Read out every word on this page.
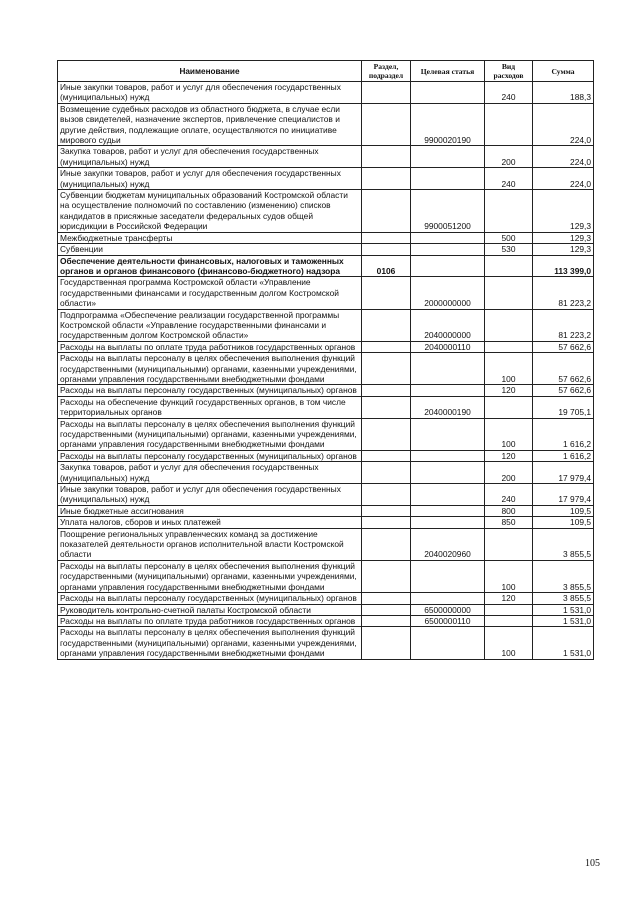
Наименование	Раздел, подраздел	Целевая статья	Вид расходов	Сумма
Иные закупки товаров, работ и услуг для обеспечения государственных (муниципальных) нужд			240	188,3
Возмещение судебных расходов из областного бюджета, в случае если вызов свидетелей, назначение экспертов, привлечение специалистов и другие действия, подлежащие оплате, осуществляются по инициативе мирового судьи		9900020190		224,0
Закупка товаров, работ и услуг для обеспечения государственных (муниципальных) нужд			200	224,0
Иные закупки товаров, работ и услуг для обеспечения государственных (муниципальных) нужд			240	224,0
Субвенции бюджетам муниципальных образований Костромской области на осуществление полномочий по составлению (изменению) списков кандидатов в присяжные заседатели федеральных судов общей юрисдикции в Российской Федерации		9900051200		129,3
Межбюджетные трансферты			500	129,3
Субвенции			530	129,3
Обеспечение деятельности финансовых, налоговых и таможенных органов и органов финансового (финансово-бюджетного) надзора	0106			113 399,0
Государственная программа Костромской области «Управление государственными финансами и государственным долгом Костромской области»		2000000000		81 223,2
Подпрограмма «Обеспечение реализации государственной программы Костромской области «Управление государственными финансами и государственным долгом Костромской области»		2040000000		81 223,2
Расходы на выплаты по оплате труда работников государственных органов		2040000110		57 662,6
Расходы на выплаты персоналу в целях обеспечения выполнения функций государственными (муниципальными) органами, казенными учреждениями, органами управления государственными внебюджетными фондами			100	57 662,6
Расходы на выплаты персоналу государственных (муниципальных) органов			120	57 662,6
Расходы на обеспечение функций государственных органов, в том числе территориальных органов		2040000190		19 705,1
Расходы на выплаты персоналу в целях обеспечения выполнения функций государственными (муниципальными) органами, казенными учреждениями, органами управления государственными внебюджетными фондами			100	1 616,2
Расходы на выплаты персоналу государственных (муниципальных) органов			120	1 616,2
Закупка товаров, работ и услуг для обеспечения государственных (муниципальных) нужд			200	17 979,4
Иные закупки товаров, работ и услуг для обеспечения государственных (муниципальных) нужд			240	17 979,4
Иные бюджетные ассигнования			800	109,5
Уплата налогов, сборов и иных платежей			850	109,5
Поощрение региональных управленческих команд за достижение показателей деятельности органов исполнительной власти Костромской области		2040020960		3 855,5
Расходы на выплаты персоналу в целях обеспечения выполнения функций государственными (муниципальными) органами, казенными учреждениями, органами управления государственными внебюджетными фондами			100	3 855,5
Расходы на выплаты персоналу государственных (муниципальных) органов			120	3 855,5
Руководитель контрольно-счетной палаты Костромской области		6500000000		1 531,0
Расходы на выплаты по оплате труда работников государственных органов		6500000110		1 531,0
Расходы на выплаты персоналу в целях обеспечения выполнения функций государственными (муниципальными) органами, казенными учреждениями, органами управления государственными внебюджетными фондами			100	1 531,0
105
